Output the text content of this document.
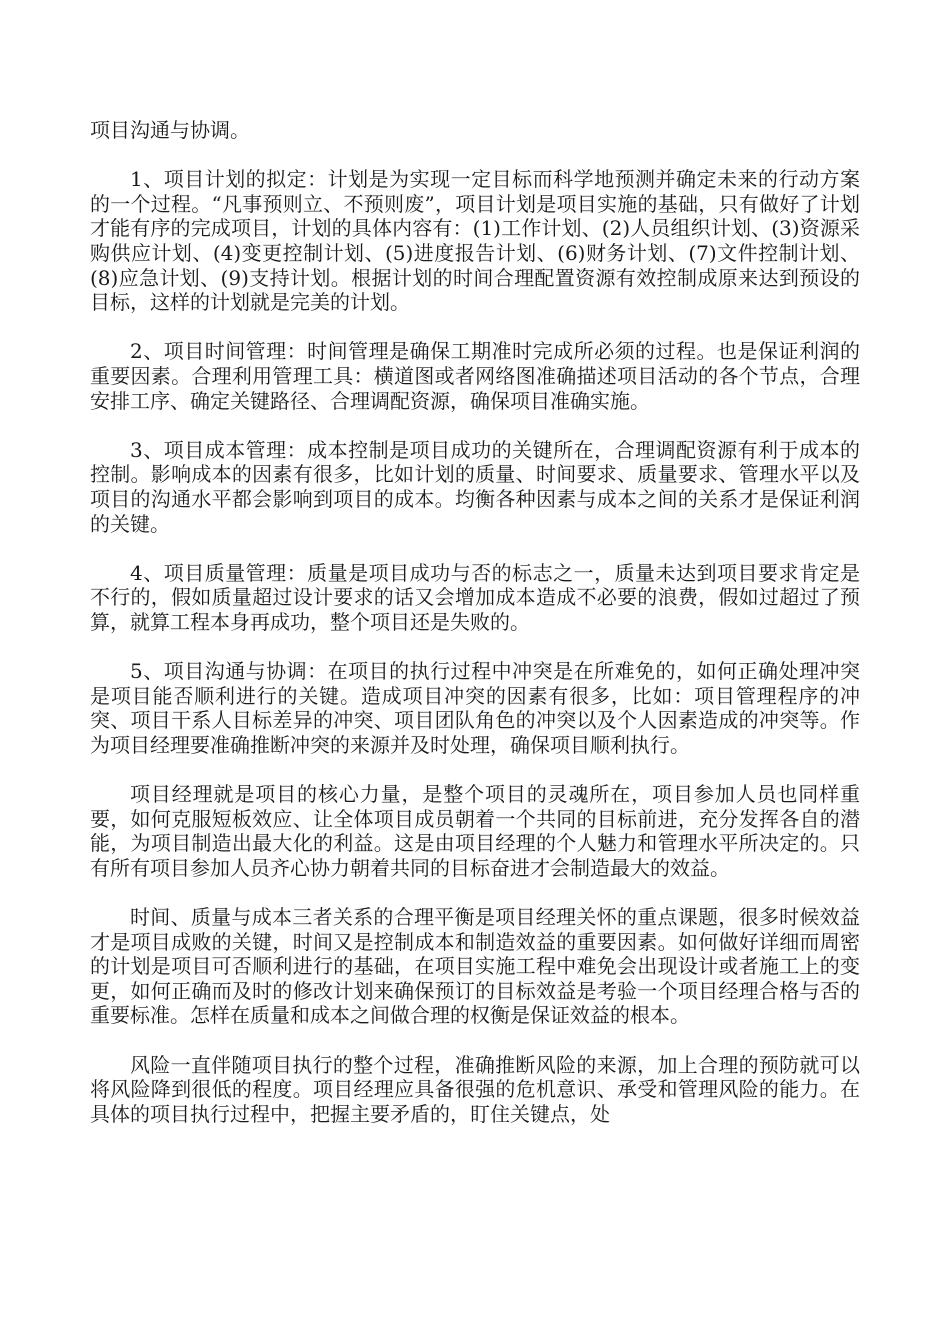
项目沟通与协调。

1、项目计划的拟定：计划是为实现一定目标而科学地预测并确定未来的行动方案的一个过程。“凡事预则立、不预则废”，项目计划是项目实施的基础，只有做好了计划才能有序的完成项目，计划的具体内容有：(1)工作计划、(2)人员组织计划、(3)资源采购供应计划、(4)变更控制计划、(5)进度报告计划、(6)财务计划、(7)文件控制计划、(8)应急计划、(9)支持计划。根据计划的时间合理配置资源有效控制成原来达到预设的目标，这样的计划就是完美的计划。

2、项目时间管理：时间管理是确保工期准时完成所必须的过程。也是保证利润的重要因素。合理利用管理工具：横道图或者网络图准确描述项目活动的各个节点，合理安排工序、确定关键路径、合理调配资源，确保项目准确实施。

3、项目成本管理：成本控制是项目成功的关键所在，合理调配资源有利于成本的控制。影响成本的因素有很多，比如计划的质量、时间要求、质量要求、管理水平以及项目的沟通水平都会影响到项目的成本。均衡各种因素与成本之间的关系才是保证利润的关键。

4、项目质量管理：质量是项目成功与否的标志之一，质量未达到项目要求肯定是不行的，假如质量超过设计要求的话又会增加成本造成不必要的浪费，假如过超过了预算，就算工程本身再成功，整个项目还是失败的。

5、项目沟通与协调：在项目的执行过程中冲突是在所难免的，如何正确处理冲突是项目能否顺利进行的关键。造成项目冲突的因素有很多，比如：项目管理程序的冲突、项目干系人目标差异的冲突、项目团队角色的冲突以及个人因素造成的冲突等。作为项目经理要准确推断冲突的来源并及时处理，确保项目顺利执行。

项目经理就是项目的核心力量，是整个项目的灵魂所在，项目参加人员也同样重要，如何克服短板效应、让全体项目成员朝着一个共同的目标前进，充分发挥各自的潜能，为项目制造出最大化的利益。这是由项目经理的个人魅力和管理水平所决定的。只有所有项目参加人员齐心协力朝着共同的目标奋进才会制造最大的效益。

时间、质量与成本三者关系的合理平衡是项目经理关怀的重点课题，很多时候效益才是项目成败的关键，时间又是控制成本和制造效益的重要因素。如何做好详细而周密的计划是项目可否顺利进行的基础，在项目实施工程中难免会出现设计或者施工上的变更，如何正确而及时的修改计划来确保预订的目标效益是考验一个项目经理合格与否的重要标准。怎样在质量和成本之间做合理的权衡是保证效益的根本。

风险一直伴随项目执行的整个过程，准确推断风险的来源，加上合理的预防就可以将风险降到很低的程度。项目经理应具备很强的危机意识、承受和管理风险的能力。在具体的项目执行过程中，把握主要矛盾的，盯住关键点，处
